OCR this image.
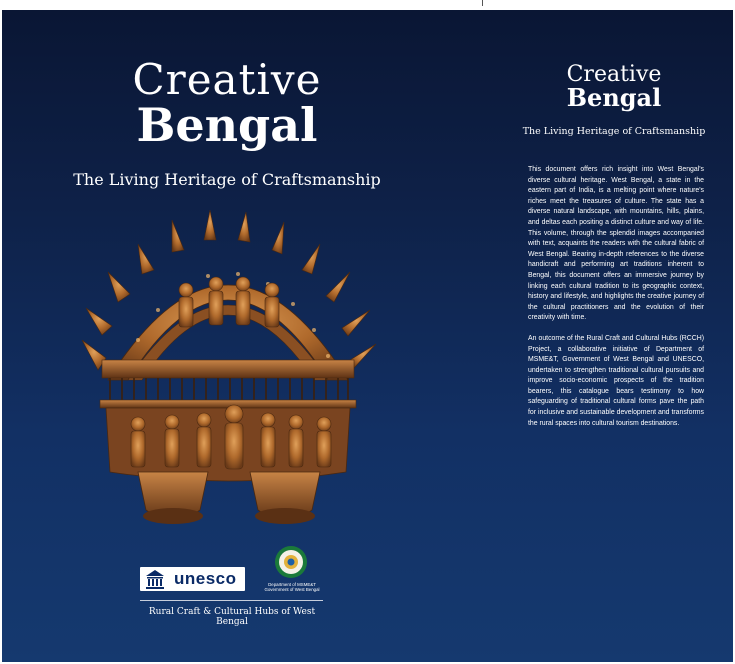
Creative
Bengal
The Living Heritage of Craftsmanship
unesco	Department of MSME&T
Government of West Bengal
Rural Craft & Cultural Hubs of West Bengal
Creative
Bengal
The Living Heritage of Craftsmanship

This document offers rich insight into West Bengal's diverse cultural heritage. West Bengal, a state in the eastern part of India, is a melting point where nature's riches meet the treasures of culture. The state has a diverse natural landscape, with mountains, hills, plains, and deltas each positing a distinct culture and way of life. This volume, through the splendid images accompanied with text, acquaints the readers with the cultural fabric of West Bengal. Bearing in-depth references to the diverse handicraft and performing art traditions inherent to Bengal, this document offers an immersive journey by linking each cultural tradition to its geographic context, history and lifestyle, and highlights the creative journey of the cultural practitioners and the evolution of their creativity with time.

An outcome of the Rural Craft and Cultural Hubs (RCCH) Project, a collaborative initiative of Department of MSME&T, Government of West Bengal and UNESCO, undertaken to strengthen traditional cultural pursuits and improve socio-economic prospects of the tradition bearers, this catalogue bears testimony to how safeguarding of traditional cultural forms pave the path for inclusive and sustainable development and transforms the rural spaces into cultural tourism destinations.
